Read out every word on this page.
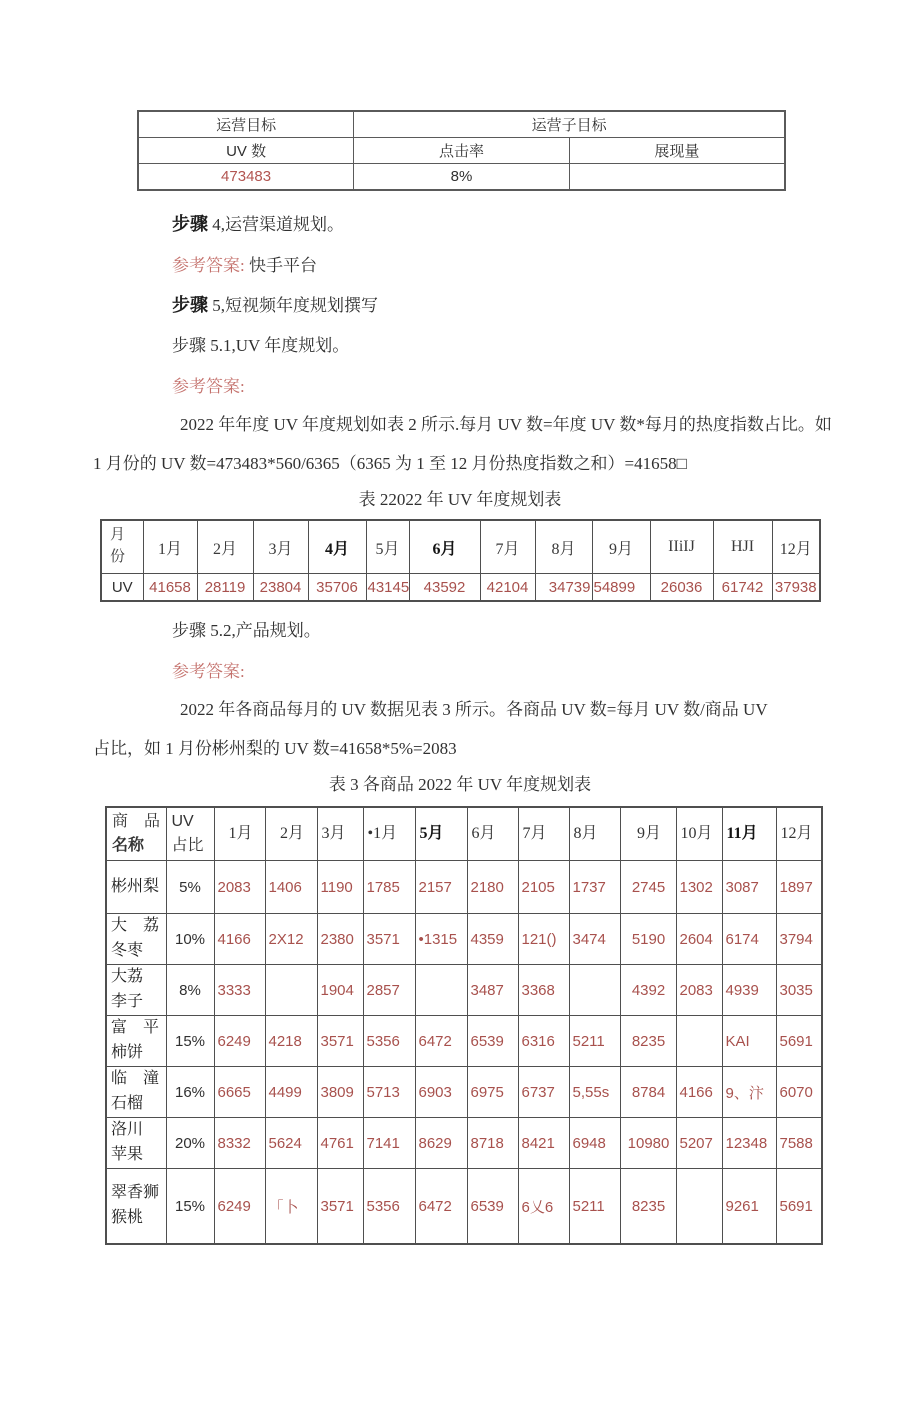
运营目标	运营子目标	
UV 数	点击率	展现量
473483	8%	
步骤 4,运营渠道规划。
参考答案: 快手平台
步骤 5,短视频年度规划撰写
步骤 5.1,UV 年度规划。
参考答案:
2022 年年度 UV 年度规划如表 2 所示.每月 UV 数=年度 UV 数*每月的热度指数占比。如
1 月份的 UV 数=473483*560/6365（6365 为 1 至 12 月份热度指数之和）=41658□
表 22022 年 UV 年度规划表
月
份	1月	2月	3月	4月	5月	6月	7月	8月	9月	IIiIJ	HJI	12月
UV	41658	28119	23804	35706	43145	43592	42104	34739	54899	26036	61742	37938
步骤 5.2,产品规划。
参考答案:
2022 年各商品每月的 UV 数据见表 3 所示。各商品 UV 数=每月 UV 数/商品 UV
占比，如 1 月份彬州梨的 UV 数=41658*5%=2083
表 3 各商品 2022 年 UV 年度规划表
商　品
名称	UV
占比	1月	2月	3月	•1月	5月	6月	7月	8月	9月	10月	11月	12月
彬州梨	5%	2083	1406	1190	1785	2157	2180	2105	1737	2745	1302	3087	1897
大　荔
冬枣	10%	4166	2X12	2380	3571	•1315	4359	121()	3474	5190	2604	6174	3794
大荔
李子	8%	3333		1904	2857		3487	3368		4392	2083	4939	3035
富　平
柿饼	15%	6249	4218	3571	5356	6472	6539	6316	5211	8235		KAI	5691
临　潼
石榴	16%	6665	4499	3809	5713	6903	6975	6737	5,55s	8784	4166	9、汴	6070
洛川
苹果	20%	8332	5624	4761	7141	8629	8718	8421	6948	10980	5207	12348	7588
翠香狮
猴桃	15%	6249	「卜	3571	5356	6472	6539	6乂6	5211	8235		9261	5691
